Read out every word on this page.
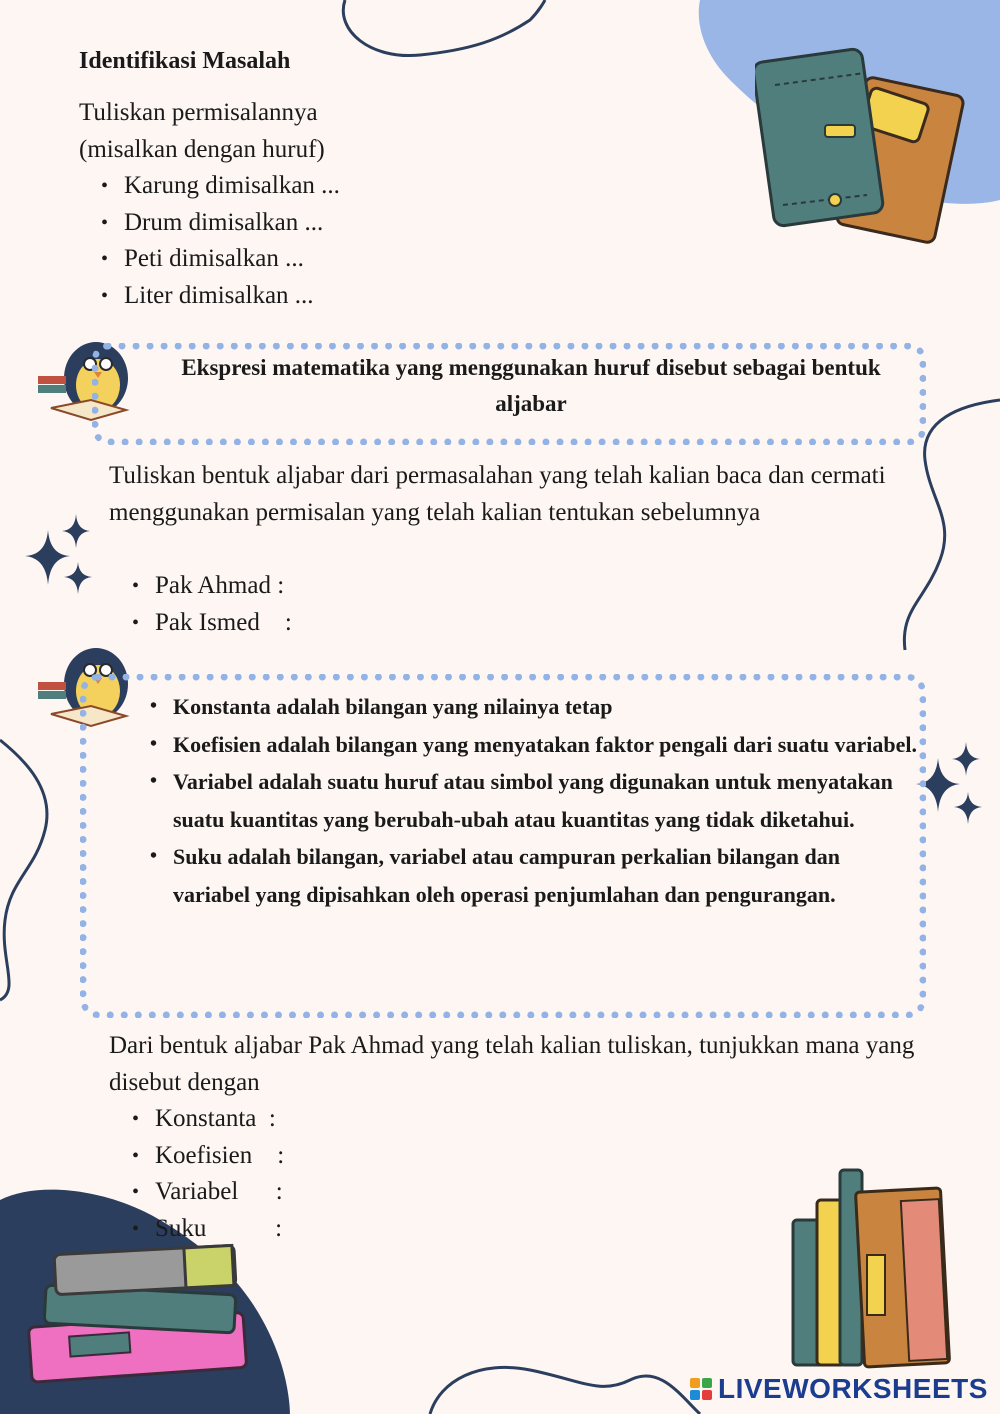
Identifikasi Masalah
Tuliskan permisalannya (misalkan dengan huruf)
• Karung dimisalkan ...
• Drum dimisalkan ...
• Peti dimisalkan ...
• Liter dimisalkan ...
Ekspresi matematika yang menggunakan huruf disebut sebagai bentuk aljabar
Tuliskan bentuk aljabar dari permasalahan yang telah kalian baca dan cermati menggunakan permisalan yang telah kalian tentukan sebelumnya
• Pak Ahmad :
• Pak Ismed    :
• Konstanta adalah bilangan yang nilainya tetap
• Koefisien adalah bilangan yang menyatakan faktor pengali dari suatu variabel.
• Variabel adalah suatu huruf atau simbol yang digunakan untuk menyatakan suatu kuantitas yang berubah-ubah atau kuantitas yang tidak diketahui.
• Suku adalah bilangan, variabel atau campuran perkalian bilangan dan variabel yang dipisahkan oleh operasi penjumlahan dan pengurangan.
Dari bentuk aljabar Pak Ahmad yang telah kalian tuliskan, tunjukkan mana yang disebut dengan
• Konstanta  :
• Koefisien    :
• Variabel      :
• Suku           :
LIVEWORKSHEETS
